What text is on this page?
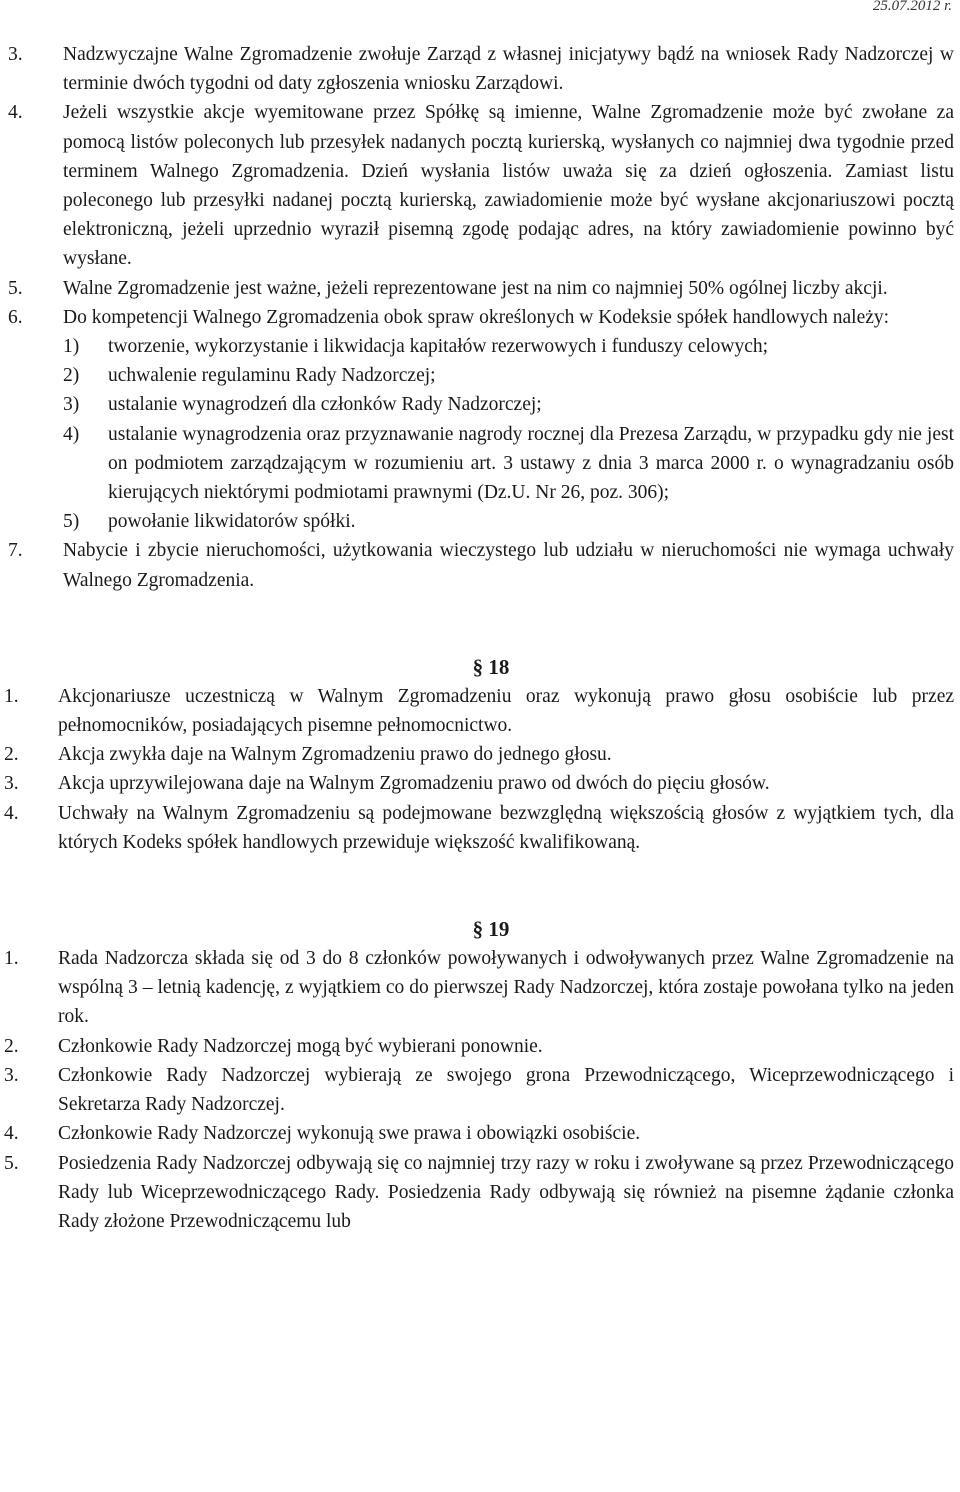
25.07.2012 r.
3. Nadzwyczajne Walne Zgromadzenie zwołuje Zarząd z własnej inicjatywy bądź na wniosek Rady Nadzorczej w terminie dwóch tygodni od daty zgłoszenia wniosku Zarządowi.
4. Jeżeli wszystkie akcje wyemitowane przez Spółkę są imienne, Walne Zgromadzenie może być zwołane za pomocą listów poleconych lub przesyłek nadanych pocztą kurierską, wysłanych co najmniej dwa tygodnie przed terminem Walnego Zgromadzenia. Dzień wysłania listów uważa się za dzień ogłoszenia. Zamiast listu poleconego lub przesyłki nadanej pocztą kurierską, zawiadomienie może być wysłane akcjonariuszowi pocztą elektroniczną, jeżeli uprzednio wyraził pisemną zgodę podając adres, na który zawiadomienie powinno być wysłane.
5. Walne Zgromadzenie jest ważne, jeżeli reprezentowane jest na nim co najmniej 50% ogólnej liczby akcji.
6. Do kompetencji Walnego Zgromadzenia obok spraw określonych w Kodeksie spółek handlowych należy:
1) tworzenie, wykorzystanie i likwidacja kapitałów rezerwowych i funduszy celowych;
2) uchwalenie regulaminu Rady Nadzorczej;
3) ustalanie wynagrodzeń dla członków Rady Nadzorczej;
4) ustalanie wynagrodzenia oraz przyznawanie nagrody rocznej dla Prezesa Zarządu, w przypadku gdy nie jest on podmiotem zarządzającym w rozumieniu art. 3 ustawy z dnia 3 marca 2000 r. o wynagradzaniu osób kierujących niektórymi podmiotami prawnymi (Dz.U. Nr 26, poz. 306);
5) powołanie likwidatorów spółki.
7. Nabycie i zbycie nieruchomości, użytkowania wieczystego lub udziału w nieruchomości nie wymaga uchwały Walnego Zgromadzenia.
§ 18
1. Akcjonariusze uczestniczą w Walnym Zgromadzeniu oraz wykonują prawo głosu osobiście lub przez pełnomocników, posiadających pisemne pełnomocnictwo.
2. Akcja zwykła daje na Walnym Zgromadzeniu prawo do jednego głosu.
3. Akcja uprzywilejowana daje na Walnym Zgromadzeniu prawo od dwóch do pięciu głosów.
4. Uchwały na Walnym Zgromadzeniu są podejmowane bezwzględną większością głosów z wyjątkiem tych, dla których Kodeks spółek handlowych przewiduje większość kwalifikowaną.
§ 19
1. Rada Nadzorcza składa się od 3 do 8 członków powoływanych i odwoływanych przez Walne Zgromadzenie na wspólną 3 – letnią kadencję, z wyjątkiem co do pierwszej Rady Nadzorczej, która zostaje powołana tylko na jeden rok.
2. Członkowie Rady Nadzorczej mogą być wybierani ponownie.
3. Członkowie Rady Nadzorczej wybierają ze swojego grona Przewodniczącego, Wiceprzewodniczącego i Sekretarza Rady Nadzorczej.
4. Członkowie Rady Nadzorczej wykonują swe prawa i obowiązki osobiście.
5. Posiedzenia Rady Nadzorczej odbywają się co najmniej trzy razy w roku i zwoływane są przez Przewodniczącego Rady lub Wiceprzewodniczącego Rady. Posiedzenia Rady odbywają się również na pisemne żądanie członka Rady złożone Przewodniczącemu lub
